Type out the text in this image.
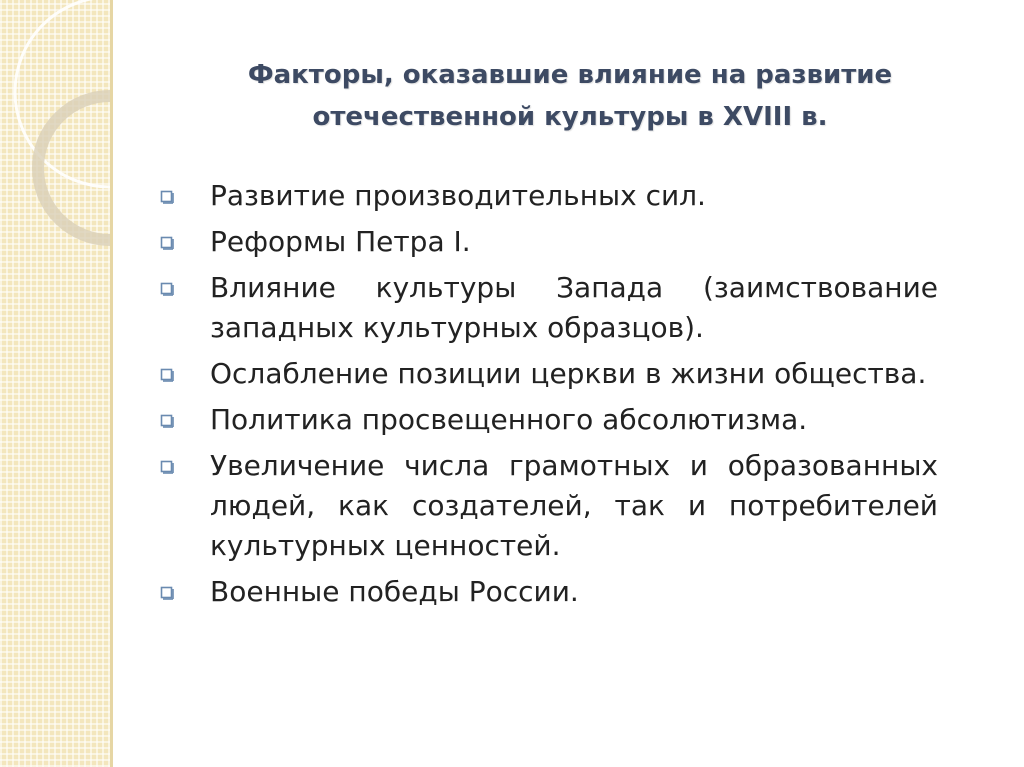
Факторы, оказавшие влияние на развитие
отечественной культуры в XVIII в.
Развитие производительных сил.
Реформы Петра I.
Влияние культуры Запада (заимствование западных культурных образцов).
Ослабление позиции церкви в жизни общества.
Политика просвещенного абсолютизма.
Увеличение числа грамотных и образованных людей, как создателей, так и потребителей культурных ценностей.
Военные победы России.
